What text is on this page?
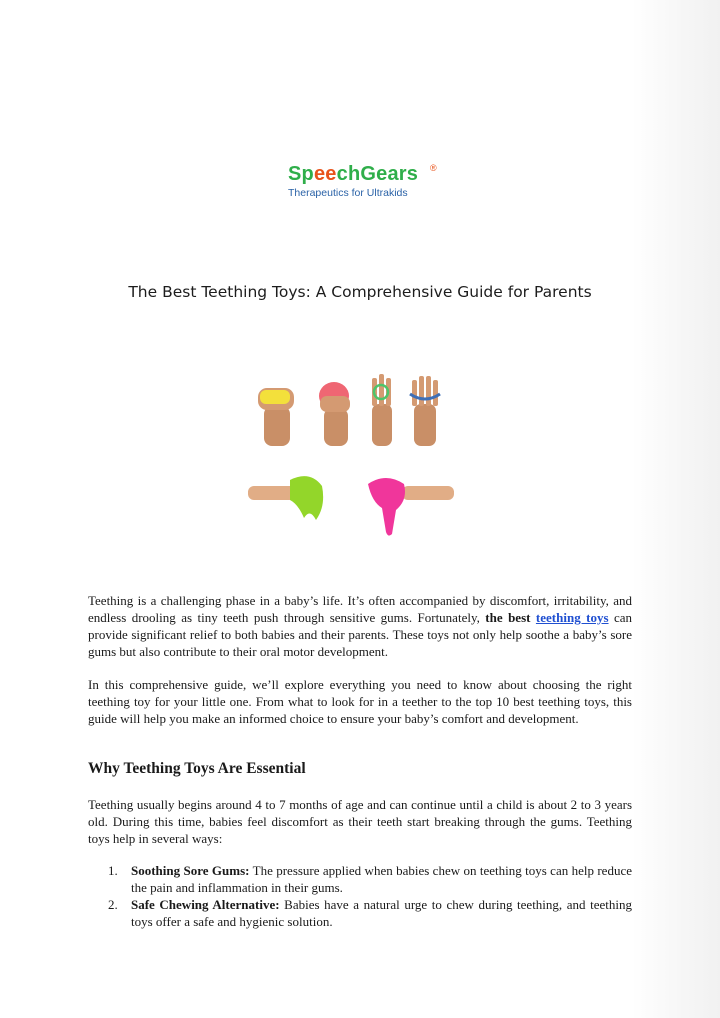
SpeechGears	®
Therapeutics for Ultrakids
The Best Teething Toys: A Comprehensive Guide for Parents

Teething is a challenging phase in a baby’s life. It’s often accompanied by discomfort, irritability, and endless drooling as tiny teeth push through sensitive gums. Fortunately, the best teething toys can provide significant relief to both babies and their parents. These toys not only help soothe a baby’s sore gums but also contribute to their oral motor development.

In this comprehensive guide, we’ll explore everything you need to know about choosing the right teething toy for your little one. From what to look for in a teether to the top 10 best teething toys, this guide will help you make an informed choice to ensure your baby’s comfort and development.

Why Teething Toys Are Essential

Teething usually begins around 4 to 7 months of age and can continue until a child is about 2 to 3 years old. During this time, babies feel discomfort as their teeth start breaking through the gums. Teething toys help in several ways:

1. Soothing Sore Gums: The pressure applied when babies chew on teething toys can help reduce the pain and inflammation in their gums.
2. Safe Chewing Alternative: Babies have a natural urge to chew during teething, and teething toys offer a safe and hygienic solution.
